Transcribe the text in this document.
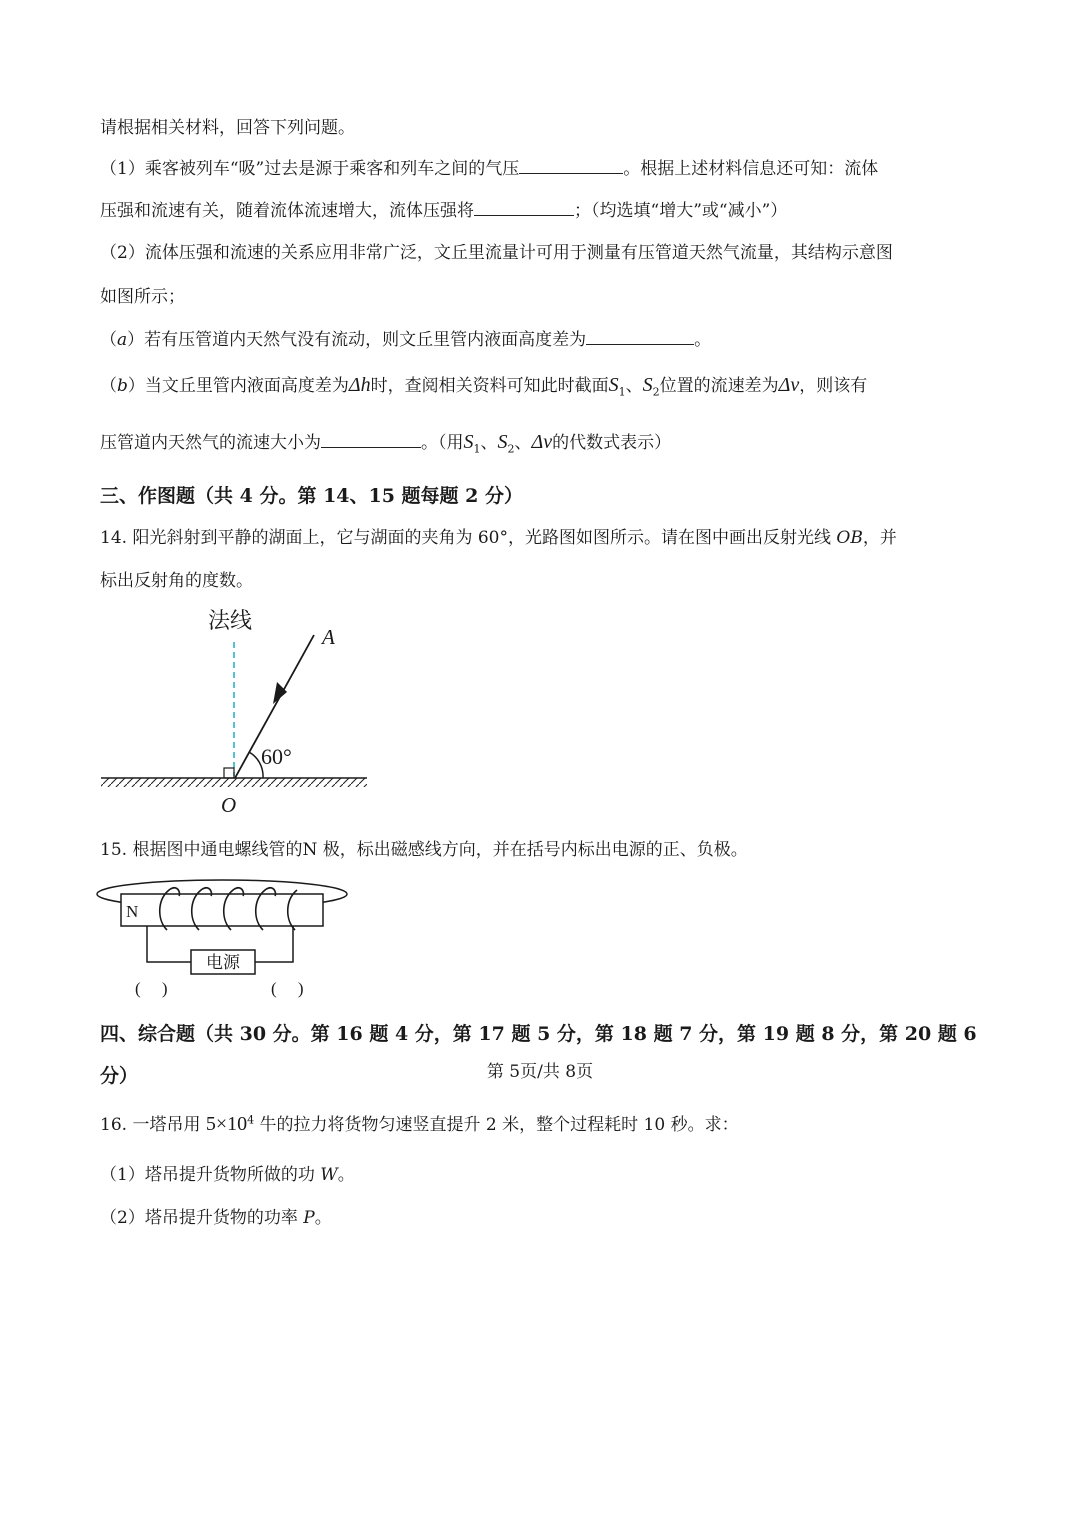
请根据相关材料，回答下列问题。
（1）乘客被列车“吸”过去是源于乘客和列车之间的气压	。根据上述材料信息还可知：流体
压强和流速有关，随着流体流速增大，流体压强将	；（均选填“增大”或“减小”）
（2）流体压强和流速的关系应用非常广泛，文丘里流量计可用于测量有压管道天然气流量，其结构示意图
如图所示；
（a）若有压管道内天然气没有流动，则文丘里管内液面高度差为	。
（b）当文丘里管内液面高度差为Δh时，查阅相关资料可知此时截面$S_1$、$S_2$位置的流速差为Δv，则该有
压管道内天然气的流速大小为	。（用$S_1$、$S_2$、Δv的代数式表示）
三、作图题（共 4 分。第 14、15 题每题 2 分）
14. 阳光斜射到平静的湖面上，它与湖面的夹角为 60°，光路图如图所示。请在图中画出反射光线 OB，并
标出反射角的度数。
法线
60°
A
O
15. 根据图中通电螺线管的N 极，标出磁感线方向，并在括号内标出电源的正、负极。
N
电源
(     )	(     )
四、综合题（共 30 分。第 16 题 4 分，第 17 题 5 分，第 18 题 7 分，第 19 题 8 分，第 20 题 6
分）
16. 一塔吊用 $5\times 10^4$ 牛的拉力将货物匀速竖直提升 2 米，整个过程耗时 10 秒。求：
（1）塔吊提升货物所做的功 W。
（2）塔吊提升货物的功率 P。
第 5页/共 8页
